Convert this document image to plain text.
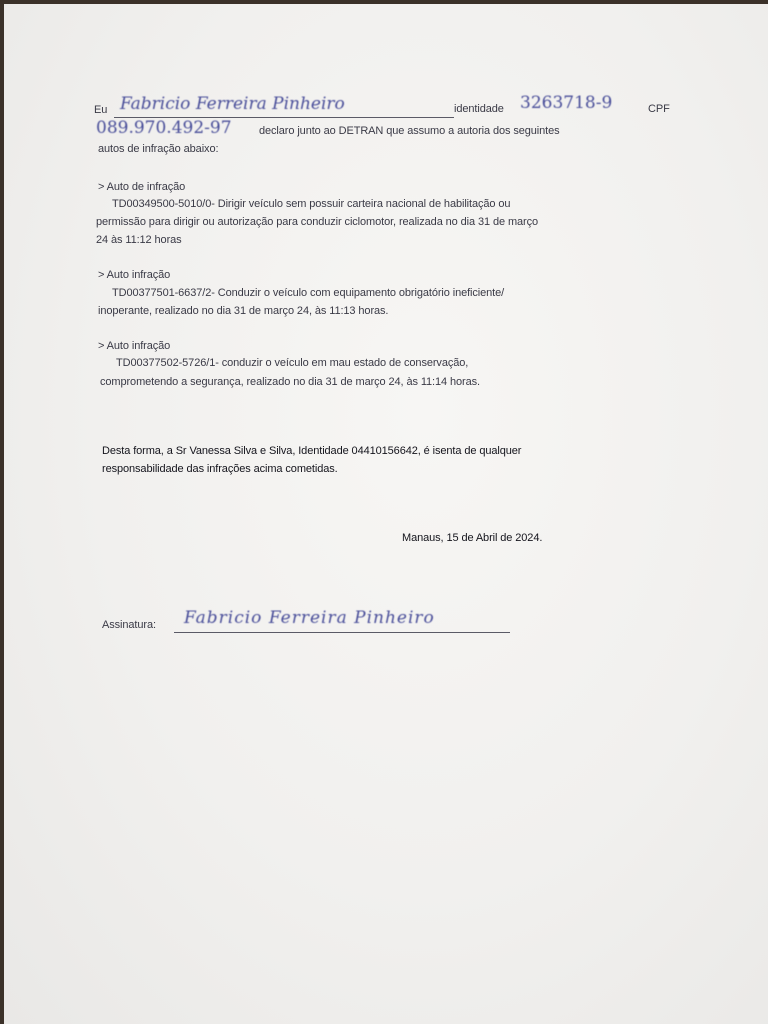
Eu Fabricio Ferreira Pinheiro	identidade 3263718-9	CPF
089.970.492-97 declaro junto ao DETRAN que assumo a autoria dos seguintes
autos de infração abaixo:
> Auto de infração
TD00349500-5010/0- Dirigir veículo sem possuir carteira nacional de habilitação ou
permissão para dirigir ou autorização para conduzir ciclomotor, realizada no dia 31 de março
24 às 11:12 horas
> Auto infração
TD00377501-6637/2- Conduzir o veículo com equipamento obrigatório ineficiente/
inoperante, realizado no dia 31 de março 24, às 11:13 horas.
> Auto infração
TD00377502-5726/1- conduzir o veículo em mau estado de conservação,
comprometendo a segurança, realizado no dia 31 de março 24, às 11:14 horas.
Desta forma, a Sr Vanessa Silva e Silva, Identidade 04410156642, é isenta de qualquer
responsabilidade das infrações acima cometidas.
Manaus, 15 de Abril de 2024.
Assinatura: Fabricio Ferreira Pinheiro
